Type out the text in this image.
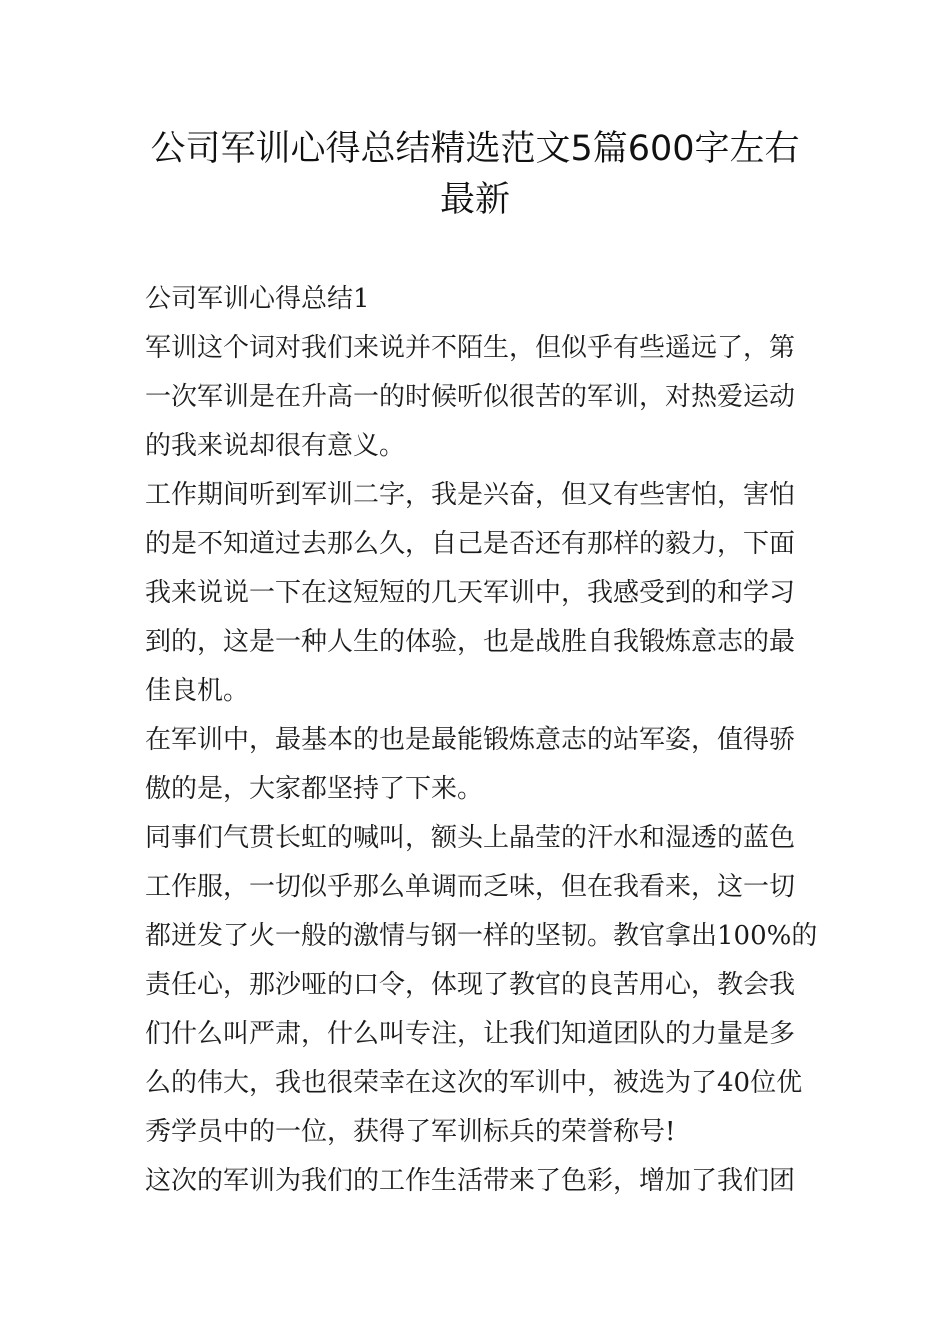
公司军训心得总结精选范文5篇600字左右
最新
公司军训心得总结1

军训这个词对我们来说并不陌生，但似乎有些遥远了，第
一次军训是在升高一的时候听似很苦的军训，对热爱运动
的我来说却很有意义。

工作期间听到军训二字，我是兴奋，但又有些害怕，害怕
的是不知道过去那么久，自己是否还有那样的毅力，下面
我来说说一下在这短短的几天军训中，我感受到的和学习
到的，这是一种人生的体验，也是战胜自我锻炼意志的最
佳良机。

在军训中，最基本的也是最能锻炼意志的站军姿，值得骄
傲的是，大家都坚持了下来。

同事们气贯长虹的喊叫，额头上晶莹的汗水和湿透的蓝色
工作服，一切似乎那么单调而乏味，但在我看来，这一切
都迸发了火一般的激情与钢一样的坚韧。教官拿出100%的
责任心，那沙哑的口令，体现了教官的良苦用心，教会我
们什么叫严肃，什么叫专注，让我们知道团队的力量是多
么的伟大，我也很荣幸在这次的军训中，被选为了40位优
秀学员中的一位，获得了军训标兵的荣誉称号!

这次的军训为我们的工作生活带来了色彩，增加了我们团
